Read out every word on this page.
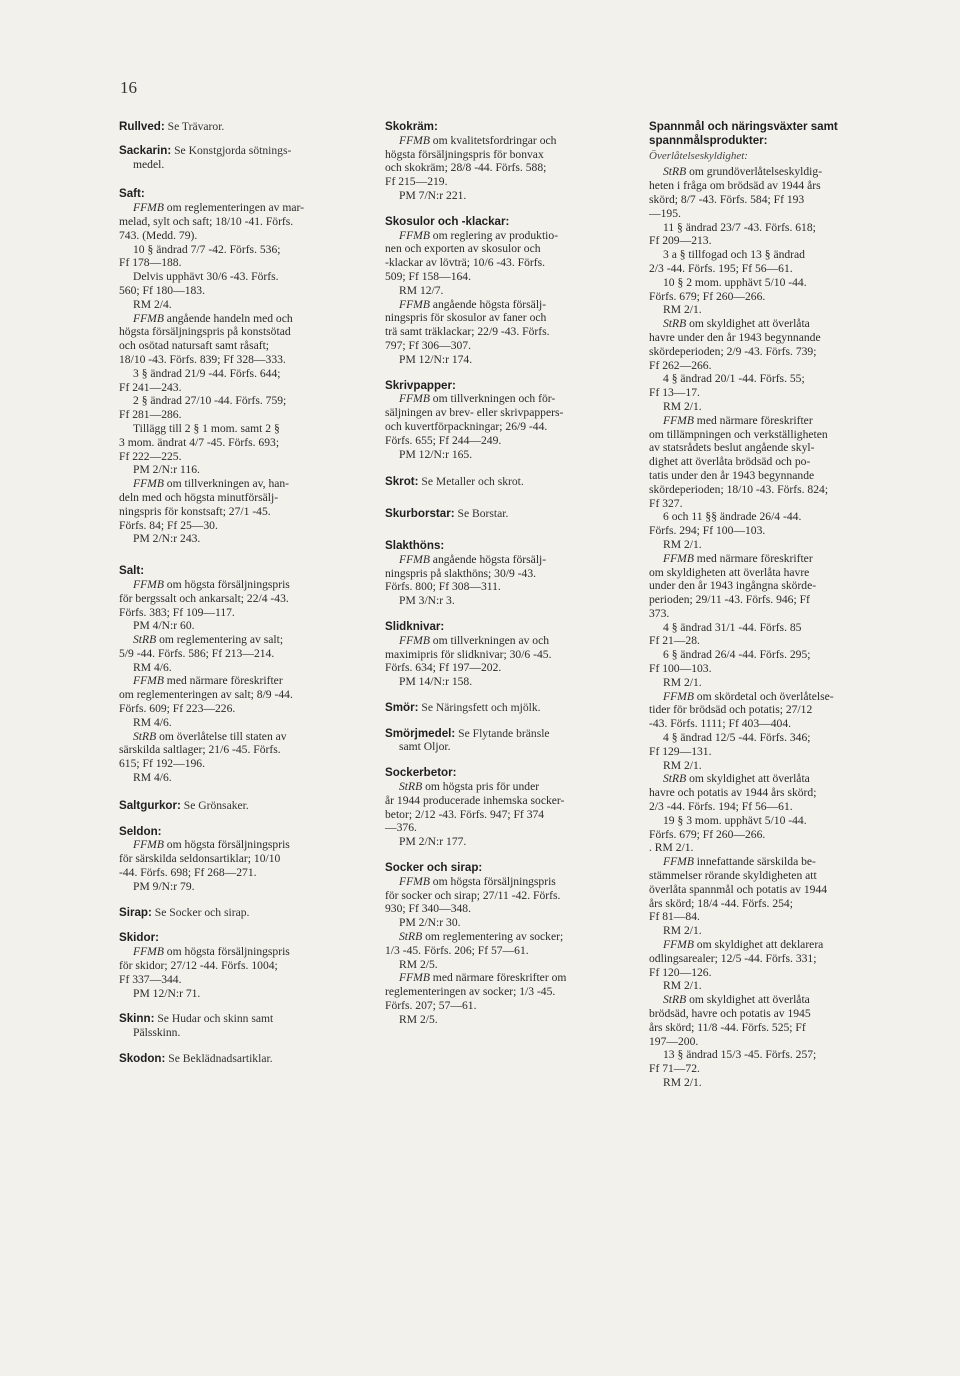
16
Rullved: Se Trävaror.
Sackarin: Se Konstgjorda sötnings-
medel.
Saft:
FFMB om reglementeringen av mar-
melad, sylt och saft; 18/10 -41. Förfs.
743. (Medd. 79).
10 § ändrad 7/7 -42. Förfs. 536;
Ff 178—188.
Delvis upphävt 30/6 -43. Förfs.
560; Ff 180—183.
RM 2/4.
FFMB angående handeln med och
högsta försäljningspris på konstsötad
och osötad natursaft samt råsaft;
18/10 -43. Förfs. 839; Ff 328—333.
3 § ändrad 21/9 -44. Förfs. 644;
Ff 241—243.
2 § ändrad 27/10 -44. Förfs. 759;
Ff 281—286.
Tillägg till 2 § 1 mom. samt 2 §
3 mom. ändrat 4/7 -45. Förfs. 693;
Ff 222—225.
PM 2/N:r 116.
FFMB om tillverkningen av, han-
deln med och högsta minutförsälj-
ningspris för konstsaft; 27/1 -45.
Förfs. 84; Ff 25—30.
PM 2/N:r 243.
Salt:
FFMB om högsta försäljningspris
för bergssalt och ankarsalt; 22/4 -43.
Förfs. 383; Ff 109—117.
PM 4/N:r 60.
StRB om reglementering av salt;
5/9 -44. Förfs. 586; Ff 213—214.
RM 4/6.
FFMB med närmare föreskrifter
om reglementeringen av salt; 8/9 -44.
Förfs. 609; Ff 223—226.
RM 4/6.
StRB om överlåtelse till staten av
särskilda saltlager; 21/6 -45. Förfs.
615; Ff 192—196.
RM 4/6.
Saltgurkor: Se Grönsaker.
Seldon:
FFMB om högsta försäljningspris
för särskilda seldonsartiklar; 10/10
-44. Förfs. 698; Ff 268—271.
PM 9/N:r 79.
Sirap: Se Socker och sirap.
Skidor:
FFMB om högsta försäljningspris
för skidor; 27/12 -44. Förfs. 1004;
Ff 337—344.
PM 12/N:r 71.
Skinn: Se Hudar och skinn samt
Pälsskinn.
Skodon: Se Beklädnadsartiklar.
Skokräm:
FFMB om kvalitetsfordringar och
högsta försäljningspris för bonvax
och skokräm; 28/8 -44. Förfs. 588;
Ff 215—219.
PM 7/N:r 221.
Skosulor och -klackar:
FFMB om reglering av produktio-
nen och exporten av skosulor och
-klackar av lövträ; 10/6 -43. Förfs.
509; Ff 158—164.
RM 12/7.
FFMB angående högsta försälj-
ningspris för skosulor av faner och
trä samt träklackar; 22/9 -43. Förfs.
797; Ff 306—307.
PM 12/N:r 174.
Skrivpapper:
FFMB om tillverkningen och för-
säljningen av brev- eller skrivpappers-
och kuvertförpackningar; 26/9 -44.
Förfs. 655; Ff 244—249.
PM 12/N:r 165.
Skrot: Se Metaller och skrot.
Skurborstar: Se Borstar.
Slakthöns:
FFMB angående högsta försälj-
ningspris på slakthöns; 30/9 -43.
Förfs. 800; Ff 308—311.
PM 3/N:r 3.
Slidknivar:
FFMB om tillverkningen av och
maximipris för slidknivar; 30/6 -45.
Förfs. 634; Ff 197—202.
PM 14/N:r 158.
Smör: Se Näringsfett och mjölk.
Smörjmedel: Se Flytande bränsle
samt Oljor.
Sockerbetor:
StRB om högsta pris för under
år 1944 producerade inhemska socker-
betor; 2/12 -43. Förfs. 947; Ff 374
—376.
PM 2/N:r 177.
Socker och sirap:
FFMB om högsta försäljningspris
för socker och sirap; 27/11 -42. Förfs.
930; Ff 340—348.
PM 2/N:r 30.
StRB om reglementering av socker;
1/3 -45. Förfs. 206; Ff 57—61.
RM 2/5.
FFMB med närmare föreskrifter om
reglementeringen av socker; 1/3 -45.
Förfs. 207; 57—61.
RM 2/5.
Spannmål och näringsväxter samt
spannmålsprodukter:
Överlåtelseskyldighet:
StRB om grundöverlåtelseskyldig-
heten i fråga om brödsäd av 1944 års
skörd; 8/7 -43. Förfs. 584; Ff 193
—195.
11 § ändrad 23/7 -43. Förfs. 618;
Ff 209—213.
3 a § tillfogad och 13 § ändrad
2/3 -44. Förfs. 195; Ff 56—61.
10 § 2 mom. upphävt 5/10 -44.
Förfs. 679; Ff 260—266.
RM 2/1.
StRB om skyldighet att överlåta
havre under den år 1943 begynnande
skördeperioden; 2/9 -43. Förfs. 739;
Ff 262—266.
4 § ändrad 20/1 -44. Förfs. 55;
Ff 13—17.
RM 2/1.
FFMB med närmare föreskrifter
om tillämpningen och verkställigheten
av statsrådets beslut angående skyl-
dighet att överlåta brödsäd och po-
tatis under den år 1943 begynnande
skördeperioden; 18/10 -43. Förfs. 824;
Ff 327.
6 och 11 §§ ändrade 26/4 -44.
Förfs. 294; Ff 100—103.
RM 2/1.
FFMB med närmare föreskrifter
om skyldigheten att överlåta havre
under den år 1943 ingångna skörde-
perioden; 29/11 -43. Förfs. 946; Ff
373.
4 § ändrad 31/1 -44. Förfs. 85
Ff 21—28.
6 § ändrad 26/4 -44. Förfs. 295;
Ff 100—103.
RM 2/1.
FFMB om skördetal och överlåtelse-
tider för brödsäd och potatis; 27/12
-43. Förfs. 1111; Ff 403—404.
4 § ändrad 12/5 -44. Förfs. 346;
Ff 129—131.
RM 2/1.
StRB om skyldighet att överlåta
havre och potatis av 1944 års skörd;
2/3 -44. Förfs. 194; Ff 56—61.
19 § 3 mom. upphävt 5/10 -44.
Förfs. 679; Ff 260—266.
. RM 2/1.
FFMB innefattande särskilda be-
stämmelser rörande skyldigheten att
överlåta spannmål och potatis av 1944
års skörd; 18/4 -44. Förfs. 254;
Ff 81—84.
RM 2/1.
FFMB om skyldighet att deklarera
odlingsarealer; 12/5 -44. Förfs. 331;
Ff 120—126.
RM 2/1.
StRB om skyldighet att överlåta
brödsäd, havre och potatis av 1945
års skörd; 11/8 -44. Förfs. 525; Ff
197—200.
13 § ändrad 15/3 -45. Förfs. 257;
Ff 71—72.
RM 2/1.
